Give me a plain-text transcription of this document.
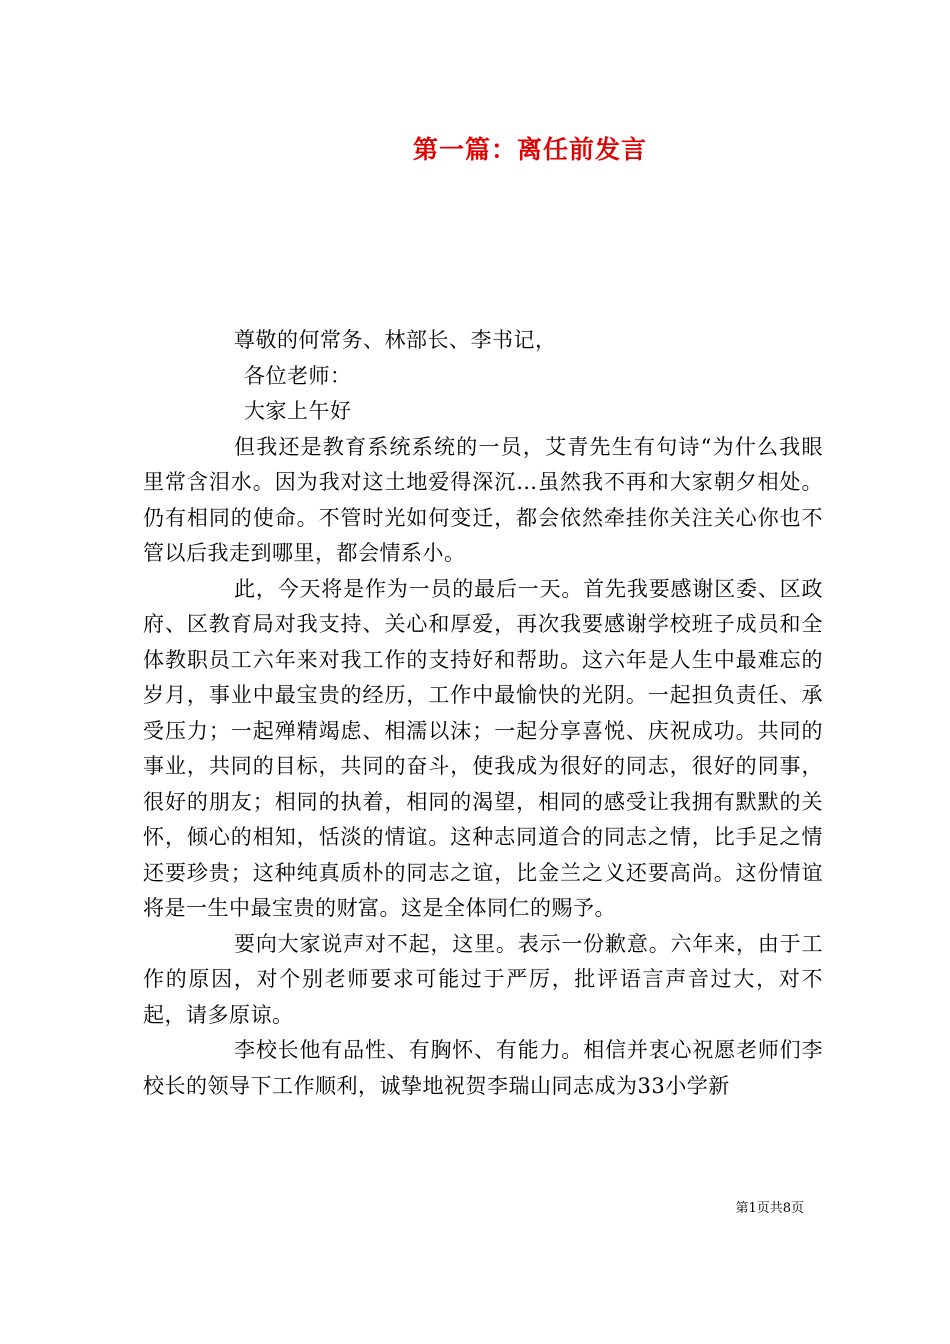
第一篇：离任前发言

尊敬的何常务、林部长、李书记，

各位老师：

大家上午好

但我还是教育系统系统的一员，艾青先生有句诗“为什么我眼里常含泪水。因为我对这土地爱得深沉…虽然我不再和大家朝夕相处。仍有相同的使命。不管时光如何变迁，都会依然牵挂你关注关心你也不管以后我走到哪里，都会情系小。

此，今天将是作为一员的最后一天。首先我要感谢区委、区政府、区教育局对我支持、关心和厚爱，再次我要感谢学校班子成员和全体教职员工六年来对我工作的支持好和帮助。这六年是人生中最难忘的岁月，事业中最宝贵的经历，工作中最愉快的光阴。一起担负责任、承受压力；一起殚精竭虑、相濡以沫；一起分享喜悦、庆祝成功。共同的事业，共同的目标，共同的奋斗，使我成为很好的同志，很好的同事，很好的朋友；相同的执着，相同的渴望，相同的感受让我拥有默默的关怀，倾心的相知，恬淡的情谊。这种志同道合的同志之情，比手足之情还要珍贵；这种纯真质朴的同志之谊，比金兰之义还要高尚。这份情谊将是一生中最宝贵的财富。这是全体同仁的赐予。

要向大家说声对不起，这里。表示一份歉意。六年来，由于工作的原因，对个别老师要求可能过于严厉，批评语言声音过大，对不起，请多原谅。

李校长他有品性、有胸怀、有能力。相信并衷心祝愿老师们李校长的领导下工作顺利，诚挚地祝贺李瑞山同志成为33小学新

第1页共8页
